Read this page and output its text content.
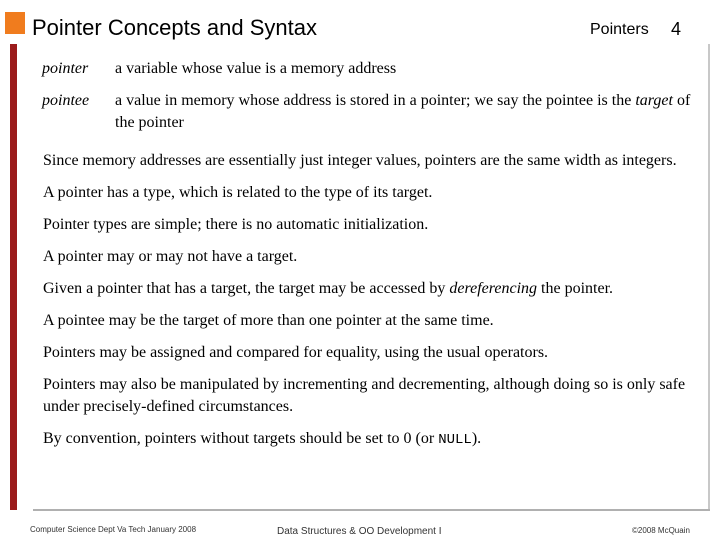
Pointer Concepts and Syntax	Pointers 4
pointer	a variable whose value is a memory address
pointee	a value in memory whose address is stored in a pointer; we say the pointee is the target of the pointer

Since memory addresses are essentially just integer values, pointers are the same width as integers.

A pointer has a type, which is related to the type of its target.

Pointer types are simple; there is no automatic initialization.

A pointer may or may not have a target.

Given a pointer that has a target, the target may be accessed by dereferencing the pointer.

A pointee may be the target of more than one pointer at the same time.

Pointers may be assigned and compared for equality, using the usual operators.

Pointers may also be manipulated by incrementing and decrementing, although doing so is only safe under precisely-defined circumstances.

By convention, pointers without targets should be set to 0 (or NULL).

Computer Science Dept Va Tech January 2008	Data Structures & OO Development I	©2008 McQuain
